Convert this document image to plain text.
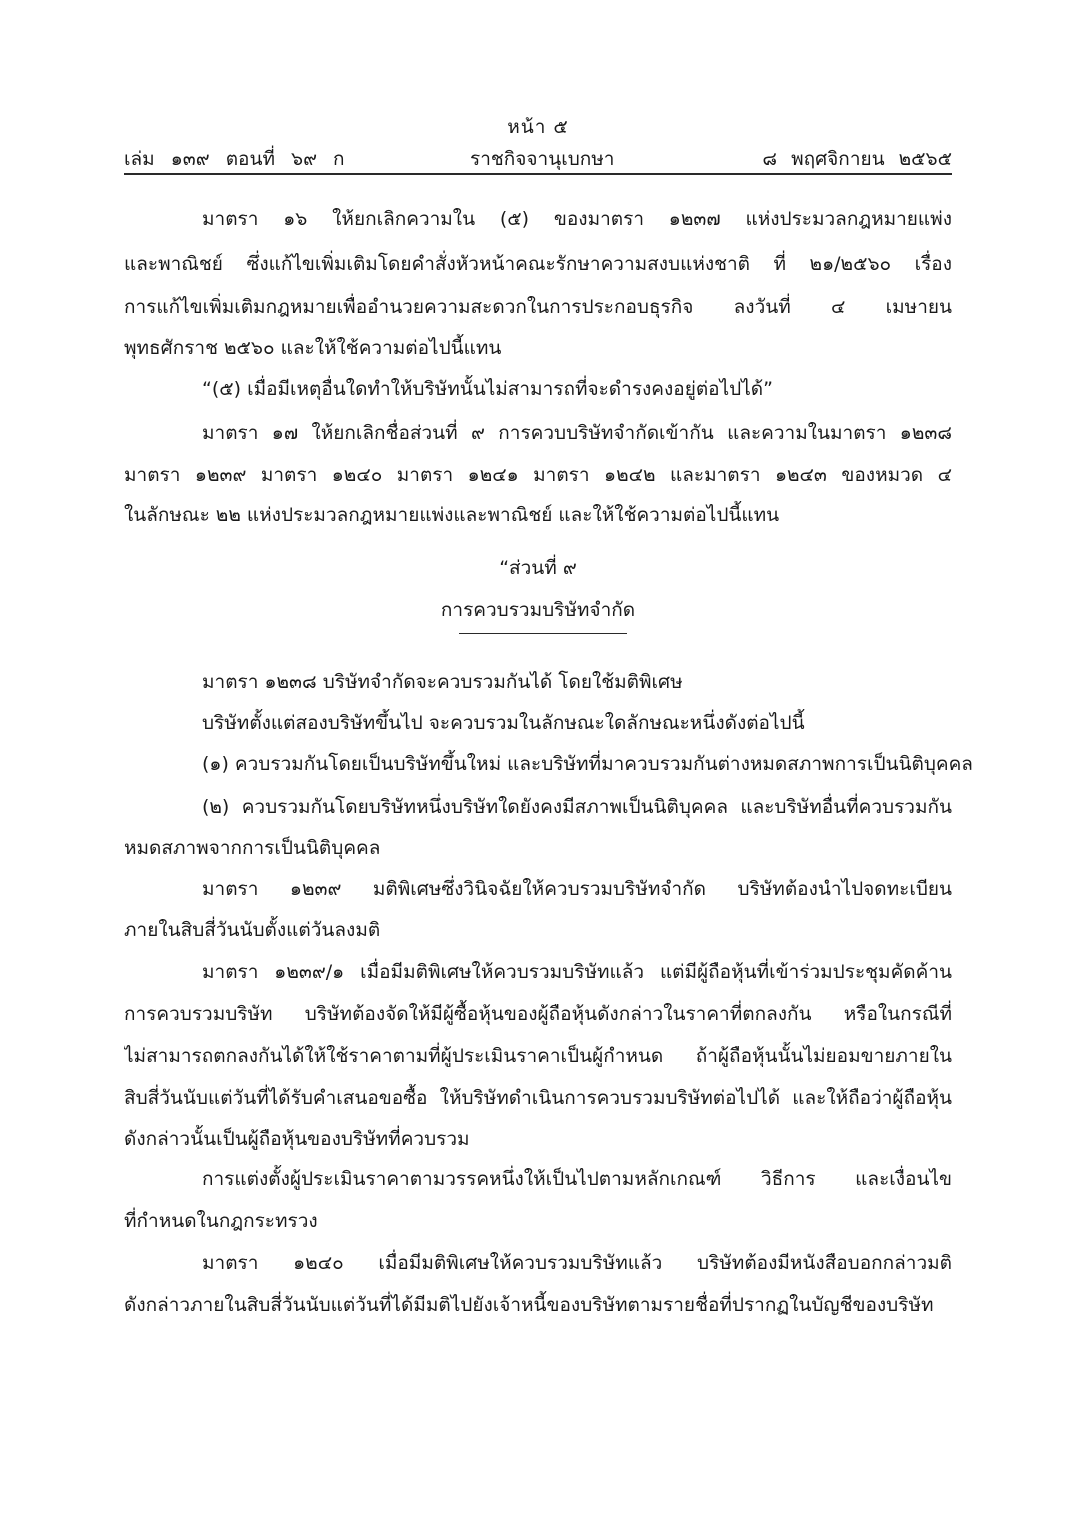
หน้า ๕
เล่ม ๑๓๙ ตอนที่ ๖๙ ก	ราชกิจจานุเบกษา	๘ พฤศจิกายน ๒๕๖๕
มาตรา ๑๖ ให้ยกเลิกความใน (๕) ของมาตรา ๑๒๓๗ แห่งประมวลกฎหมายแพ่ง
และพาณิชย์ ซึ่งแก้ไขเพิ่มเติมโดยคำสั่งหัวหน้าคณะรักษาความสงบแห่งชาติ ที่ ๒๑/๒๕๖๐ เรื่อง
การแก้ไขเพิ่มเติมกฎหมายเพื่ออำนวยความสะดวกในการประกอบธุรกิจ ลงวันที่ ๔ เมษายน
พุทธศักราช ๒๕๖๐ และให้ใช้ความต่อไปนี้แทน
“(๕) เมื่อมีเหตุอื่นใดทำให้บริษัทนั้นไม่สามารถที่จะดำรงคงอยู่ต่อไปได้”
มาตรา ๑๗ ให้ยกเลิกชื่อส่วนที่ ๙ การควบบริษัทจำกัดเข้ากัน และความในมาตรา ๑๒๓๘
มาตรา ๑๒๓๙ มาตรา ๑๒๔๐ มาตรา ๑๒๔๑ มาตรา ๑๒๔๒ และมาตรา ๑๒๔๓ ของหมวด ๔
ในลักษณะ ๒๒ แห่งประมวลกฎหมายแพ่งและพาณิชย์ และให้ใช้ความต่อไปนี้แทน
“ส่วนที่ ๙
การควบรวมบริษัทจำกัด
มาตรา ๑๒๓๘ บริษัทจำกัดจะควบรวมกันได้ โดยใช้มติพิเศษ
บริษัทตั้งแต่สองบริษัทขึ้นไป จะควบรวมในลักษณะใดลักษณะหนึ่งดังต่อไปนี้
(๑) ควบรวมกันโดยเป็นบริษัทขึ้นใหม่ และบริษัทที่มาควบรวมกันต่างหมดสภาพการเป็นนิติบุคคล
(๒) ควบรวมกันโดยบริษัทหนึ่งบริษัทใดยังคงมีสภาพเป็นนิติบุคคล และบริษัทอื่นที่ควบรวมกัน
หมดสภาพจากการเป็นนิติบุคคล
มาตรา ๑๒๓๙ มติพิเศษซึ่งวินิจฉัยให้ควบรวมบริษัทจำกัด บริษัทต้องนำไปจดทะเบียน
ภายในสิบสี่วันนับตั้งแต่วันลงมติ
มาตรา ๑๒๓๙/๑ เมื่อมีมติพิเศษให้ควบรวมบริษัทแล้ว แต่มีผู้ถือหุ้นที่เข้าร่วมประชุมคัดค้าน
การควบรวมบริษัท บริษัทต้องจัดให้มีผู้ซื้อหุ้นของผู้ถือหุ้นดังกล่าวในราคาที่ตกลงกัน หรือในกรณีที่
ไม่สามารถตกลงกันได้ให้ใช้ราคาตามที่ผู้ประเมินราคาเป็นผู้กำหนด ถ้าผู้ถือหุ้นนั้นไม่ยอมขายภายใน
สิบสี่วันนับแต่วันที่ได้รับคำเสนอขอซื้อ ให้บริษัทดำเนินการควบรวมบริษัทต่อไปได้ และให้ถือว่าผู้ถือหุ้น
ดังกล่าวนั้นเป็นผู้ถือหุ้นของบริษัทที่ควบรวม
การแต่งตั้งผู้ประเมินราคาตามวรรคหนึ่งให้เป็นไปตามหลักเกณฑ์ วิธีการ และเงื่อนไข
ที่กำหนดในกฎกระทรวง
มาตรา ๑๒๔๐ เมื่อมีมติพิเศษให้ควบรวมบริษัทแล้ว บริษัทต้องมีหนังสือบอกกล่าวมติ
ดังกล่าวภายในสิบสี่วันนับแต่วันที่ได้มีมติไปยังเจ้าหนี้ของบริษัทตามรายชื่อที่ปรากฏในบัญชีของบริษัท
